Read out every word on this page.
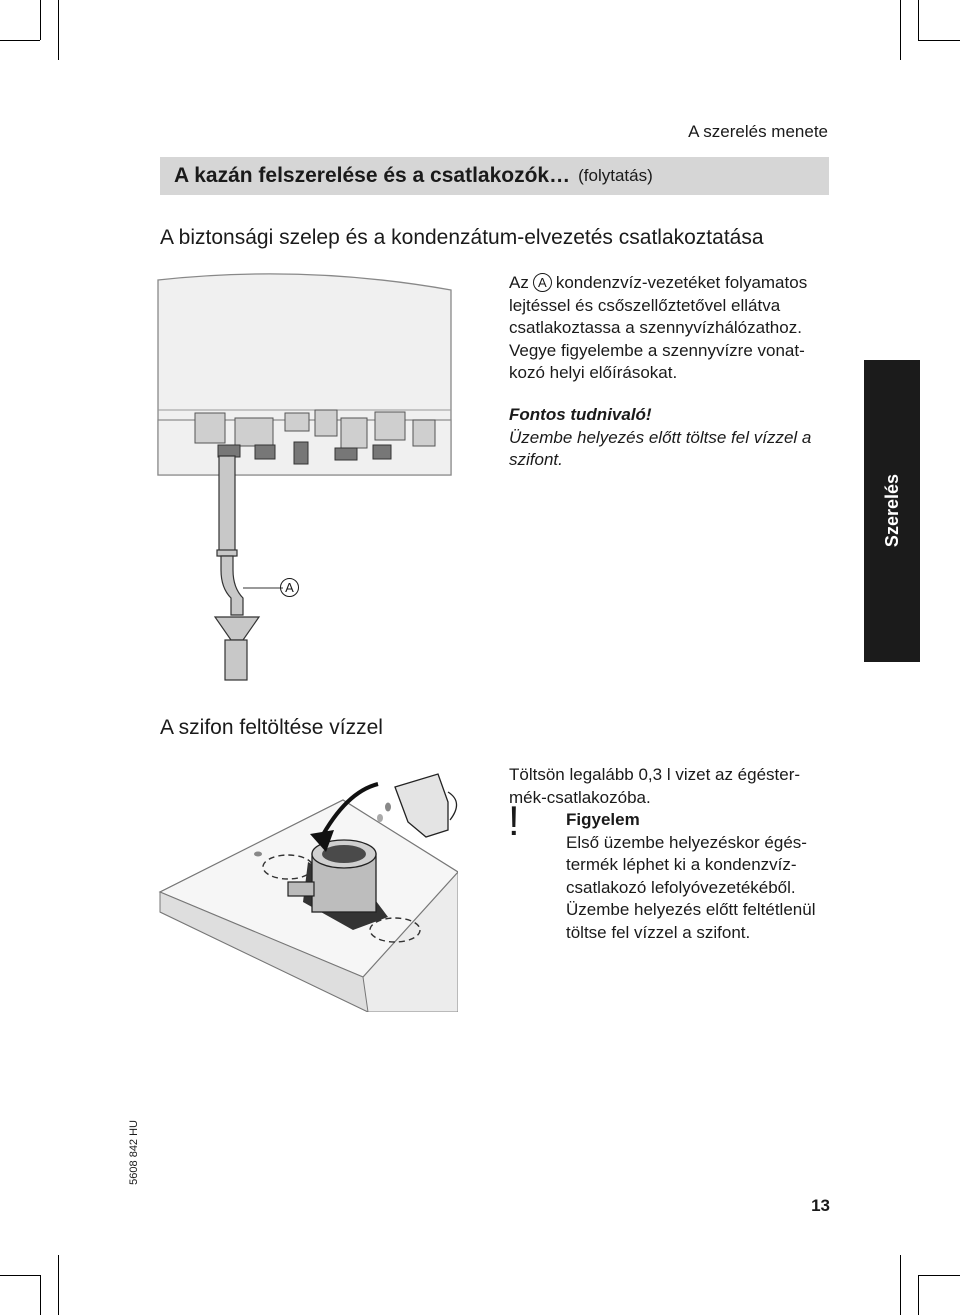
A szerelés menete
A kazán felszerelése és a csatlakozók… (folytatás)
A biztonsági szelep és a kondenzátum-elvezetés csatlakoztatása
A
Az A kondenzvíz-vezetéket folyamatos
lejtéssel és csőszellőztetővel ellátva
csatlakoztassa a szennyvízhálózathoz.
Vegye figyelembe a szennyvízre vonat-
kozó helyi előírásokat.
Fontos tudnivaló!
Üzembe helyezés előtt töltse fel vízzel a
szifont.
Szerelés
A szifon feltöltése vízzel
Töltsön legalább 0,3 l vizet az égéster-
mék-csatlakozóba.
!	Figyelem
Első üzembe helyezéskor égés-
termék léphet ki a kondenzvíz-
csatlakozó lefolyóvezetékéből.
Üzembe helyezés előtt feltétlenül
töltse fel vízzel a szifont.
5608 842 HU
13
